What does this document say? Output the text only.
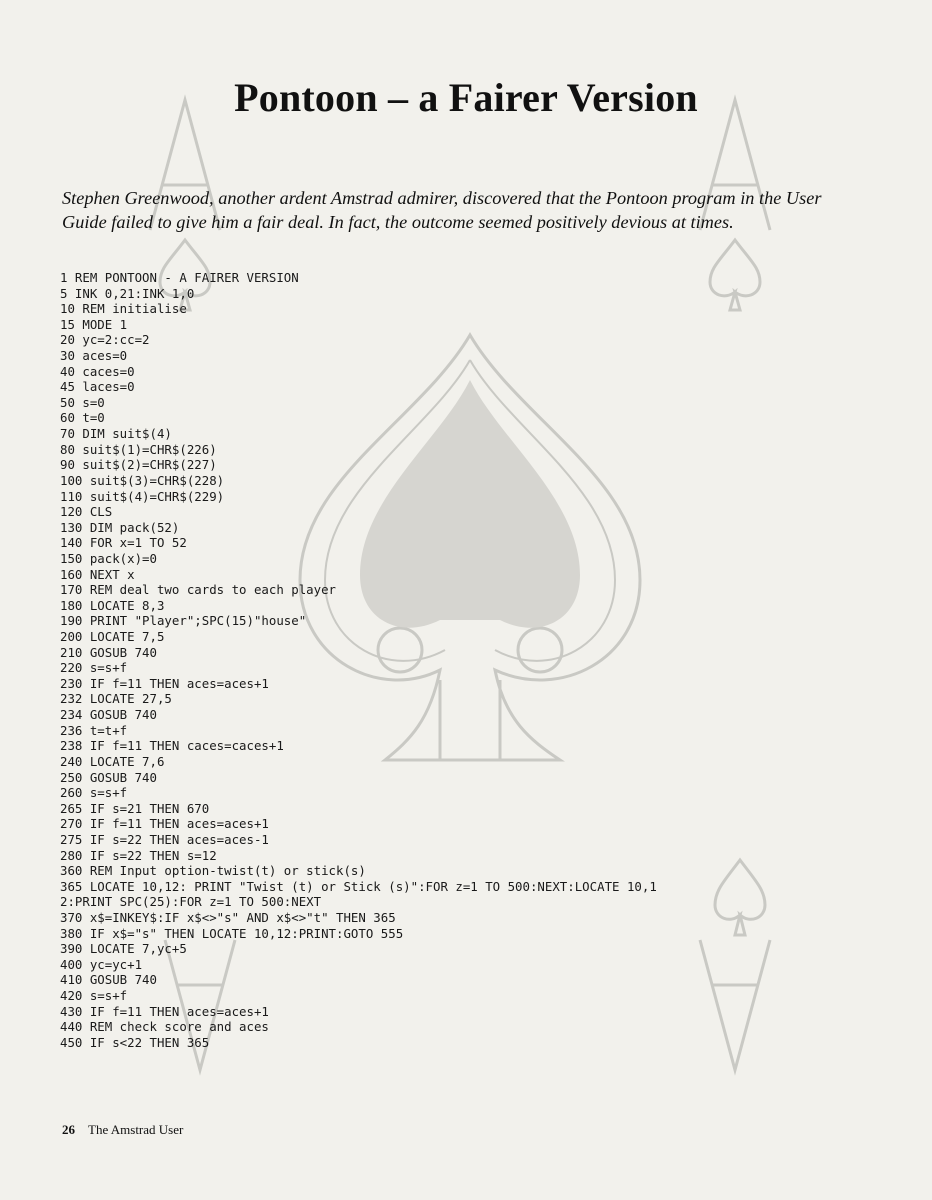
Pontoon – a Fairer Version

Stephen Greenwood, another ardent Amstrad admirer, discovered that the Pontoon program in the User Guide failed to give him a fair deal. In fact, the outcome seemed positively devious at times.

1 REM PONTOON - A FAIRER VERSION
5 INK 0,21:INK 1,0
10 REM initialise
15 MODE 1
20 yc=2:cc=2
30 aces=0
40 caces=0
45 laces=0
50 s=0
60 t=0
70 DIM suit$(4)
80 suit$(1)=CHR$(226)
90 suit$(2)=CHR$(227)
100 suit$(3)=CHR$(228)
110 suit$(4)=CHR$(229)
120 CLS
130 DIM pack(52)
140 FOR x=1 TO 52
150 pack(x)=0
160 NEXT x
170 REM deal two cards to each player
180 LOCATE 8,3
190 PRINT "Player";SPC(15)"house"
200 LOCATE 7,5
210 GOSUB 740
220 s=s+f
230 IF f=11 THEN aces=aces+1
232 LOCATE 27,5
234 GOSUB 740
236 t=t+f
238 IF f=11 THEN caces=caces+1
240 LOCATE 7,6
250 GOSUB 740
260 s=s+f
265 IF s=21 THEN 670
270 IF f=11 THEN aces=aces+1
275 IF s=22 THEN aces=aces-1
280 IF s=22 THEN s=12
360 REM Input option-twist(t) or stick(s)
365 LOCATE 10,12: PRINT "Twist (t) or Stick (s)":FOR z=1 TO 500:NEXT:LOCATE 10,1
2:PRINT SPC(25):FOR z=1 TO 500:NEXT
370 x$=INKEY$:IF x$<>"s" AND x$<>"t" THEN 365
380 IF x$="s" THEN LOCATE 10,12:PRINT:GOTO 555
390 LOCATE 7,yc+5
400 yc=yc+1
410 GOSUB 740
420 s=s+f
430 IF f=11 THEN aces=aces+1
440 REM check score and aces
450 IF s<22 THEN 365
26 The Amstrad User
